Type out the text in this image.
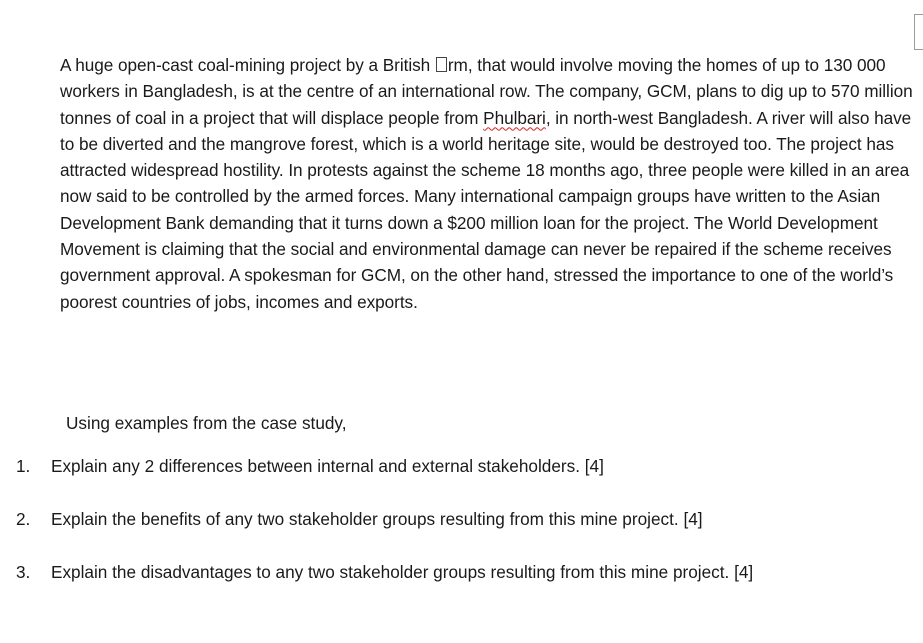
A huge open-cast coal-mining project by a British rm, that would involve moving the homes of up to 130 000 workers in Bangladesh, is at the centre of an international row. The company, GCM, plans to dig up to 570 million tonnes of coal in a project that will displace people from Phulbari, in north-west Bangladesh. A river will also have to be diverted and the mangrove forest, which is a world heritage site, would be destroyed too. The project has attracted widespread hostility. In protests against the scheme 18 months ago, three people were killed in an area now said to be controlled by the armed forces. Many international campaign groups have written to the Asian Development Bank demanding that it turns down a $200 million loan for the project. The World Development Movement is claiming that the social and environmental damage can never be repaired if the scheme receives government approval. A spokesman for GCM, on the other hand, stressed the importance to one of the world’s poorest countries of jobs, incomes and exports.

Using examples from the case study,

1. Explain any 2 differences between internal and external stakeholders. [4]
2. Explain the benefits of any two stakeholder groups resulting from this mine project. [4]
3. Explain the disadvantages to any two stakeholder groups resulting from this mine project. [4]
